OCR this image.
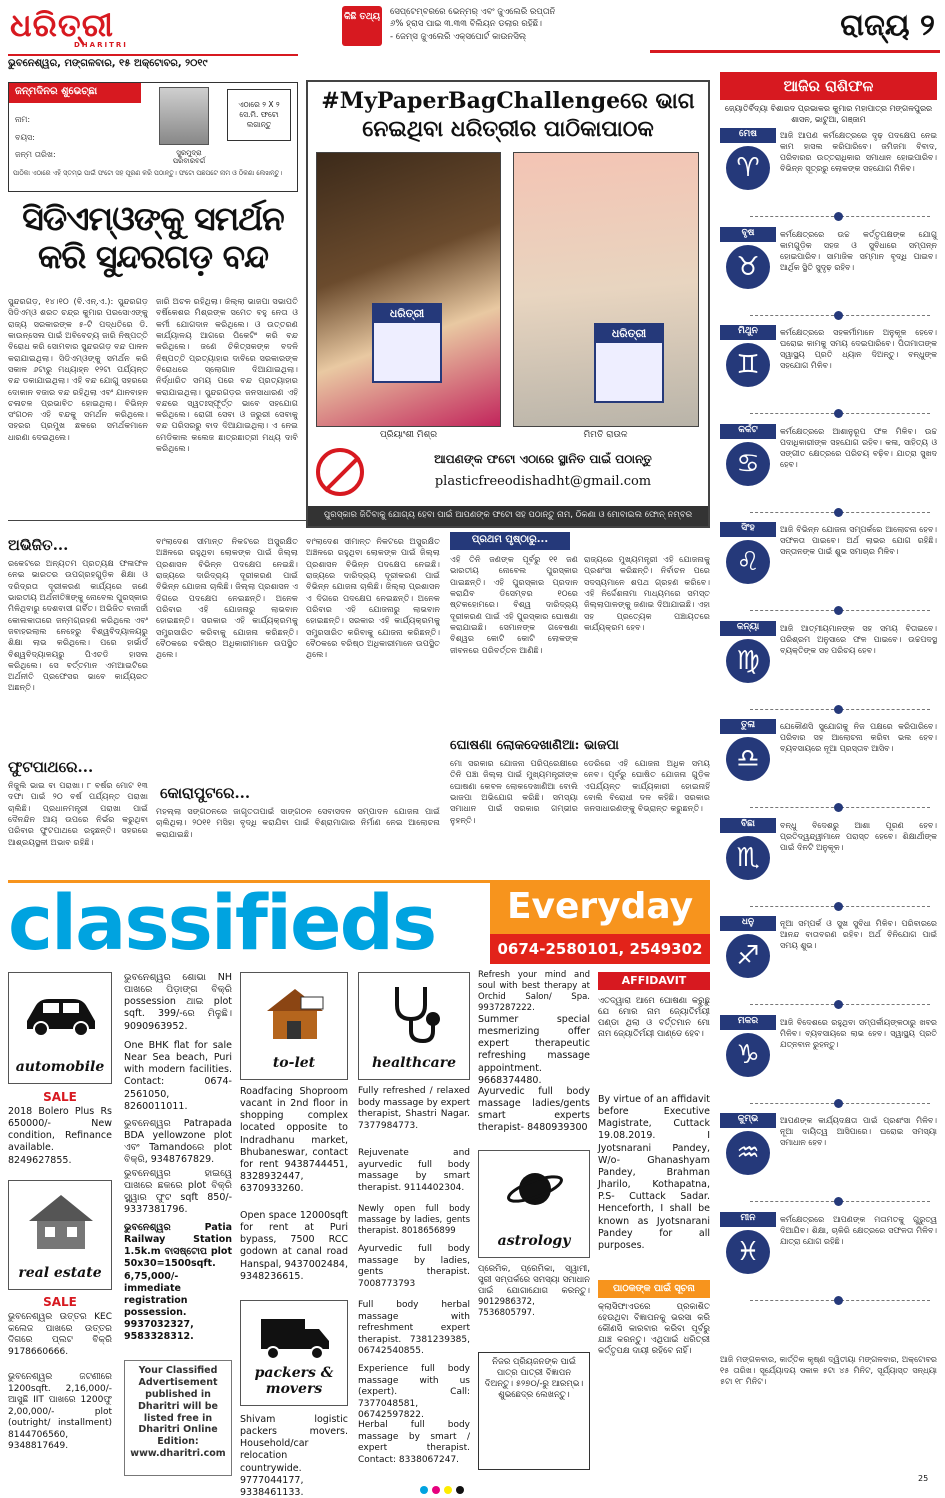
ଧରିତ୍ରୀ
DHARITRI
ଭୁବନେଶ୍ୱର, ମଙ୍ଗଳବାର, ୧୫ ଅକ୍ଟୋବର, ୨୦୧୯
କିଛି ତଥ୍ୟ ସେପ୍ଟେମ୍ବରରେ ଭେନ୍ମର୍ ଏବଂ ଜୁଏଲେରି ରପ୍ତାନି
୬% ହ୍ରାସ ପାଇ ୩.୩୩ ବିଲିୟନ ଡଲାର ରହିଛି।
- ଜେମ୍ସ ଜୁଏଲେରି ଏକ୍ସପୋର୍ଟ କାଉନସିଲ୍	ରାଜ୍ୟ ୨
ଜନ୍ମଦିନର ଶୁଭେଚ୍ଛା
ନାମ:
ବୟସ:
ଜନ୍ମ ତାରିଖ:	ସୁରମୁଦ୍ରା ପରିବାରବର୍ଗ
ଏଠାରେ ୨ X ୨ ସେ.ମି. ଫଟୋ ଲଗାନ୍ତୁ
ପାଠିକା ଏଠାରେ ଏହି ସ୍ତମ୍ଭ ପାଇଁ ଫଟୋ ସହ ପୂରଣ କରି ପଠାନ୍ତୁ। ଫଟୋ ପଛପଟେ ନାମ ଓ ଠିକଣା ଲେଖନ୍ତୁ।
ସିଡିଏମ୍‌ଓଙ୍କୁ ସମର୍ଥନ କରି ସୁନ୍ଦରଗଡ଼ ବନ୍ଦ
ସୁନ୍ଦରଗଡ଼, ୧୪।୧୦ (ବି.ଏନ୍.ଏ.): ସୁନ୍ଦରଗଡ଼ ସିଡିଏମ୍‌ଓ ଶରତ ଚନ୍ଦ୍ର କୁମାର ପରସୋଏଙ୍କୁ ରାଜ୍ୟ ସରକାରଙ୍କ ୫-ଟି ପଦ୍ଧତିରେ ଡି. କାଉନ୍ସେଲ ପାଇଁ ଅବିବେଚ୍ୟ ଜାରି ନିଷ୍ପତ୍ତି ବିରୋଧ କରି ସୋମବାର ସୁନ୍ଦରଗଡ଼ ବନ୍ଦ ପାଳନ କରାଯାଇଥିଲା। ସିଡିଏମ୍‌ଓଙ୍କୁ ସମର୍ଥନ କରି ସକାଳ ୬ଟାରୁ ମଧ୍ୟାହ୍ନ ୧୨ଟା ପର୍ଯ୍ୟନ୍ତ ବନ୍ଦ ଡକାଯାଇଥିଲା। ଏହି ବନ୍ଦ ଯୋଗୁ ସହରରେ ଦୋକାନ ବଜାର ବନ୍ଦ ରହିଥିଲା ଏବଂ ଯାନବାହନ ଚଳାଚଳ ପ୍ରଭାବିତ ହୋଇଥିଲା। ବିଭିନ୍ନ ସଂଗଠନ ଏହି ବନ୍ଦକୁ ସମର୍ଥନ କରିଥିଲେ। ସହରର ପ୍ରମୁଖ ଛକରେ ସମର୍ଥକମାନେ ଧାରଣା ଦେଇଥିଲେ।
ଜାରି ଅଚଳ ରହିଥିଲା। ଜିଲ୍ଲା ଭାଜପା ସଭାପତି ବର୍ଷିକେଶର ମିଶ୍ରଙ୍କ ସମେତ ବହୁ ନେତା ଓ କର୍ମୀ ଯୋଗଦାନ କରିଥିଲେ। ଓ ଉତ୍ତରଣ କାର୍ଯ୍ୟାଳୟ ଆଗରେ ପିକେଟିଂ କରି ବନ୍ଦ କରିଥିଲେ। ଜଣେ ଚିକିତ୍ସକଙ୍କ ବଦଳି ନିଷ୍ପତ୍ତି ପ୍ରତ୍ୟାହାର ଦାବିରେ ସରକାରଙ୍କ ବିରୋଧରେ ସ୍ଲୋଗାନ ଦିଆଯାଇଥିଲା। ନିର୍ଦ୍ଧାରିତ ସମୟ ପରେ ବନ୍ଦ ପ୍ରତ୍ୟାହାର କରାଯାଇଥିଲା। ସୁନ୍ଦରଗଡ଼ର ଜନସାଧାରଣ ଏହି ବନ୍ଦରେ ସ୍ୱତଃସ୍ଫୂର୍ତ୍ତ ଭାବେ ସହଯୋଗ କରିଥିଲେ। ରୋଗୀ ସେବା ଓ ଜରୁରୀ ସେବାକୁ ବନ୍ଦ ପରିସରରୁ ବାଦ ଦିଆଯାଇଥିଲା। ଏ ନେଇ ମେଡିକାଲ କଲେଜ ଛାତ୍ରଛାତ୍ରୀ ମଧ୍ୟ ଦାବି କରିଥିଲେ।
ଅଭିଜିତ...
ରକେଟରେ ଅନ୍ୟତମ ପ୍ରତ୍ୟକ୍ଷ ଫଳାଫଳ ନେଇ ଭାରତର ଉପଗ୍ରହଗୁଡ଼ିକ ଶିକ୍ଷା ଓ ଦରିଦ୍ରତା ଦୂରୀକରଣ କାର୍ଯ୍ୟରେ ଜଣେ ଭାରତୀୟ ଅର୍ଥନୀତିଜ୍ଞଙ୍କୁ ନୋବେଲ ପୁରସ୍କାର ମିଳିଥିବାରୁ ଦେଶବାସୀ ଗର୍ବିତ। ଅଭିଜିତ ବାନାର୍ଜୀ କୋଲକାତାରେ ଜନ୍ମଗ୍ରହଣ କରିଥିଲେ ଏବଂ ଜବାହରଲାଲ ନେହେରୁ ବିଶ୍ୱବିଦ୍ୟାଳୟରୁ ଶିକ୍ଷା ଲାଭ କରିଥିଲେ। ପରେ ହାର୍ଭାର୍ଡ ବିଶ୍ୱବିଦ୍ୟାଳୟରୁ ପିଏଚଡି ହାସଲ କରିଥିଲେ। ସେ ବର୍ତ୍ତମାନ ଏମଆଇଟିରେ ଅର୍ଥନୀତି ପ୍ରଫେସର ଭାବେ କାର୍ଯ୍ୟରତ ଅଛନ୍ତି।
ଫୁଟପାଥରେ...
ନିଜୁଲି ଭାଇ ବା ପରାଖା। ୮ ବର୍ଷର ମୋଟ ୧୩ ଦଫା ପାଇଁ ୨୦ ବର୍ଷ ପର୍ଯ୍ୟନ୍ତ ପରାଖା ଚାଲିଛି। ପ୍ରଧାନମନ୍ତ୍ରୀ ପରାଖା ପାଇଁ ଦୈନନ୍ଦିନ ଆୟ ଉପରେ ନିର୍ଭର କରୁଥିବା ପରିବାର ଫୁଟପାଥରେ ରହୁଛନ୍ତି। ସହରରେ ଆଶ୍ରୟସ୍ଥଳୀ ଅଭାବ ରହିଛି।
ବାଂଲାଦେଶ ସୀମାନ୍ତ ନିକଟରେ ଅସୁରକ୍ଷିତ ଅଞ୍ଚଳରେ ରହୁଥିବା ଲୋକଙ୍କ ପାଇଁ ଜିଲ୍ଲା ପ୍ରଶାସନ ବିଭିନ୍ନ ପଦକ୍ଷେପ ନେଇଛି। ରାଜ୍ୟରେ ଦାରିଦ୍ର୍ୟ ଦୂରୀକରଣ ପାଇଁ ବିଭିନ୍ନ ଯୋଜନା ଚାଲିଛି। ଜିଲ୍ଲା ପ୍ରଶାସନ ଏ ଦିଗରେ ପଦକ୍ଷେପ ନେଇଛନ୍ତି। ଅନେକ ପରିବାର ଏହି ଯୋଜନାରୁ ଲାଭବାନ ହୋଇଛନ୍ତି। ସରକାର ଏହି କାର୍ଯ୍ୟକ୍ରମକୁ ସମ୍ପ୍ରସାରିତ କରିବାକୁ ଯୋଜନା କରିଛନ୍ତି। ବୈଠକରେ ବରିଷ୍ଠ ଅଧିକାରୀମାନେ ଉପସ୍ଥିତ ଥିଲେ।
ବାଂଲାଦେଶ ସୀମାନ୍ତ ନିକଟରେ ଅସୁରକ୍ଷିତ ଅଞ୍ଚଳରେ ରହୁଥିବା ଲୋକଙ୍କ ପାଇଁ ଜିଲ୍ଲା ପ୍ରଶାସନ ବିଭିନ୍ନ ପଦକ୍ଷେପ ନେଇଛି। ରାଜ୍ୟରେ ଦାରିଦ୍ର୍ୟ ଦୂରୀକରଣ ପାଇଁ ବିଭିନ୍ନ ଯୋଜନା ଚାଲିଛି। ଜିଲ୍ଲା ପ୍ରଶାସନ ଏ ଦିଗରେ ପଦକ୍ଷେପ ନେଇଛନ୍ତି। ଅନେକ ପରିବାର ଏହି ଯୋଜନାରୁ ଲାଭବାନ ହୋଇଛନ୍ତି। ସରକାର ଏହି କାର୍ଯ୍ୟକ୍ରମକୁ ସମ୍ପ୍ରସାରିତ କରିବାକୁ ଯୋଜନା କରିଛନ୍ତି। ବୈଠକରେ ବରିଷ୍ଠ ଅଧିକାରୀମାନେ ଉପସ୍ଥିତ ଥିଲେ।
କୋରାପୁଟରେ...
ମହଲ୍ଲା ସଙ୍ଗଠନରେ ଜାଗୃତତାପାଇଁ ସାଙ୍ଗଠନ ସେବାସଦନ ସମ୍ପାଦନ ଯୋଜନା ପାଇଁ ଚାଲିଥିଲା। ୨୦୧୧ ମସିହା ବୃଦ୍ଧି କରାଯିବା ପାଇଁ ବିଶ୍ରାମାଗାର ନିର୍ମାଣ ନେଇ ଆଲୋଚନା କରାଯାଇଛି।
#MyPaperBagChallengeରେ ଭାଗ ନେଇଥିବା ଧରିତ୍ରୀର ପାଠିକାପାଠକ
ଧରିତ୍ରୀ
ଧରିତ୍ରୀ
ପ୍ରିୟାଂଶୀ ମିଶ୍ର	ମିମତି ରାଉଳ
ଆପଣଙ୍କ ଫଟୋ ଏଠାରେ ସ୍ଥାନିତ ପାଇଁ ପଠାନ୍ତୁ
plasticfreeodishadht@gmail.com
ପୁରସ୍କାର ଜିତିବାକୁ ଯୋଗ୍ୟ ହେବା ପାଇଁ ଆପଣଙ୍କ ଫଟୋ ସହ ପଠାନ୍ତୁ ନାମ, ଠିକଣା ଓ ମୋବାଇଲ ଫୋନ୍ ନମ୍ବର
ପ୍ରଥମ ପୃଷ୍ଠାରୁ...
ଏହି ତିନି ଜଣଙ୍କ ପୂର୍ବରୁ ୧୧ ଜଣ ଭାରତୀୟ ନୋବେଲ ପୁରସ୍କାର ପାଇଛନ୍ତି। ଏହି ପୁରସ୍କାର ପ୍ରଦାନ କରାଯିବ ଡିସେମ୍ବର ୧୦ରେ ଷ୍ଟକହୋମରେ। ବିଶ୍ୱ ଦାରିଦ୍ର୍ୟ ଦୂରୀକରଣ ପାଇଁ ଏହି ପୁରସ୍କାର ଘୋଷଣା କରାଯାଇଛି। ସେମାନଙ୍କ ଗବେଷଣା ବିଶ୍ୱର କୋଟି କୋଟି ଲୋକଙ୍କ ଜୀବନରେ ପରିବର୍ତ୍ତନ ଆଣିଛି।
ରାଜ୍ୟରେ ମୁଖ୍ୟମନ୍ତ୍ରୀ ଏହି ଯୋଜନାକୁ ପ୍ରଶଂସା କରିଛନ୍ତି। ନିର୍ବାଚନ ପରେ ସଦସ୍ୟମାନେ ଶପଥ ଗ୍ରହଣ କରିବେ। ଏହି ନିର୍ଦ୍ଦେଶନାମା ମାଧ୍ୟମରେ ସମସ୍ତ ଜିଲ୍ଲାପାଳଙ୍କୁ ଜଣାଇ ଦିଆଯାଇଛି। ଏହା ସହ ପ୍ରତ୍ୟେକ ପଞ୍ଚାୟତରେ କାର୍ଯ୍ୟକ୍ରମ ହେବ।
ଘୋଷଣା ଲୋକଦେଖାଣିଆ: ଭାଜପା
ମୋ ସରକାର ଯୋଜନା ପରିପ୍ରେକ୍ଷୀରେ ତିନି ପଞ୍ଚା ଜିଲ୍ଲା ପାଇଁ ମୁଖ୍ୟମନ୍ତ୍ରୀଙ୍କ ଘୋଷଣା କେବଳ ଲୋକଦେଖାଣିଆ ବୋଲି ଭାଜପା ଅଭିଯୋଗ କରିଛି। ସମସ୍ୟା ସମାଧାନ ପାଇଁ ସରକାର ଗମ୍ଭୀର ନୁହନ୍ତି।
ଡେରିରେ ଏହି ଯୋଜନା ଅଧିକ ସମୟ ନେବ। ପୂର୍ବରୁ ଘୋଷିତ ଯୋଜନା ଗୁଡ଼ିକ ଏପର୍ଯ୍ୟନ୍ତ କାର୍ଯ୍ୟକାରୀ ହୋଇନାହିଁ ବୋଲି ବିରୋଧୀ ଦଳ କହିଛି। ସରକାର ଜନସାଧାରଣଙ୍କୁ ବିଭ୍ରାନ୍ତ କରୁଛନ୍ତି।
ଆଜିର ରାଶିଫଳ
ଜ୍ୟୋତିର୍ବିଦ୍ୟା ବିଶାରଦ ପ୍ରଭାକର କୁମାର ମହାପାତ୍ର ମଙ୍ଗଳପୁରର ଶାସନ, ଭାଟୁଆ, ଗଞ୍ଜାମ
ମେଷ
♈
ଆଜି ଆପଣ କର୍ମକ୍ଷେତ୍ରରେ ଦୃଢ଼ ପଦକ୍ଷେପ ନେଇ କାମ ହାସଲ କରିପାରିବେ। ଜମିଜମା ବିବାଦ, ପରିବାରର ଉତ୍ତରାଧିକାର ସମାଧାନ ହୋଇପାରିବ। ବିଭିନ୍ନ ସୂତ୍ରରୁ ଲୋକଙ୍କ ସହଯୋଗ ମିଳିବ।
ବୃଷ
♉
କର୍ମକ୍ଷେତ୍ରରେ ଉଚ୍ଚ କର୍ତ୍ତୃପକ୍ଷଙ୍କ ଯୋଗୁ କାମଗୁଡ଼ିକ ସହଜ ଓ ସୁବିଧାରେ ସମ୍ପନ୍ନ ହୋଇପାରିବ। ସାମାଜିକ ସମ୍ମାନ ବୃଦ୍ଧି ପାଇବ। ଆର୍ଥିକ ସ୍ଥିତି ସୁଦୃଢ଼ ରହିବ।
ମିଥୁନ
♊
କର୍ମକ୍ଷେତ୍ରରେ ସହକର୍ମୀମାନେ ଅନୁକୂଳ ହେବେ। ଘରୋଇ କାମକୁ ସମୟ ଦେଇପାରିବେ। ପିତାମାତାଙ୍କ ସ୍ୱାସ୍ଥ୍ୟ ପ୍ରତି ଧ୍ୟାନ ଦିଅନ୍ତୁ। ବନ୍ଧୁଙ୍କ ସହଯୋଗ ମିଳିବ।
କର୍କଟ
♋
କର୍ମକ୍ଷେତ୍ରରେ ଆଶାନୁରୂପ ଫଳ ମିଳିବ। ଉଚ୍ଚ ପଦାଧିକାରୀଙ୍କ ସହଯୋଗ ରହିବ। କଳା, ସାହିତ୍ୟ ଓ ସଙ୍ଗୀତ କ୍ଷେତ୍ରରେ ପରିଚୟ ବଢ଼ିବ। ଯାତ୍ରା ସୁଖଦ ହେବ।
ସିଂହ
♌
ଆଜି ବିଭିନ୍ନ ଯୋଜନା ସମ୍ପର୍କରେ ଆଲୋଚନା ହେବ। ସଫଳତା ପାଇବେ। ଅର୍ଥ ଲାଭର ଯୋଗ ରହିଛି। ସନ୍ତାନଙ୍କ ପାଇଁ ଶୁଭ ସମାଚାର ମିଳିବ।
କନ୍ୟା
♍
ଆଜି ଆତ୍ମୀୟମାନଙ୍କ ସହ ସମୟ ବିତାଇବେ। ପରିଶ୍ରମ ଅନୁସାରେ ଫଳ ପାଇବେ। ଉଚ୍ଚପଦସ୍ଥ ବ୍ୟକ୍ତିଙ୍କ ସହ ପରିଚୟ ହେବ।
ତୁଳା
♎
ଯେକୌଣସି ସୁଯୋଗକୁ ନିଜ ପକ୍ଷରେ କରିପାରିବେ। ପରିବାର ସହ ଆଲୋଚନା କରିବା ଭଲ ହେବ। ବ୍ୟବସାୟରେ ନୂଆ ପ୍ରସ୍ତାବ ଆସିବ।
ବିଛା
♏
ବନ୍ଧୁ ବିଦେଶରୁ ଆଶା ପୂରଣ ହେବ। ପ୍ରତିଦ୍ୱନ୍ଦ୍ୱୀମାନେ ପରାସ୍ତ ହେବେ। ଶିକ୍ଷାର୍ଥୀଙ୍କ ପାଇଁ ଦିନଟି ଅନୁକୂଳ।
ଧନୁ
♐
ନୂଆ ସମ୍ପର୍କ ଓ ସୁଖ ସୁବିଧା ମିଳିବ। ପରିବାରରେ ଆନନ୍ଦ ବାତାବରଣ ରହିବ। ଅର୍ଥ ବିନିଯୋଗ ପାଇଁ ସମୟ ଶୁଭ।
ମକର
♑
ଆଜି ବିଦେଶରେ ରହୁଥିବା ସମ୍ପର୍କୀୟଙ୍କଠାରୁ ଖବର ମିଳିବ। ବ୍ୟବସାୟରେ ଲାଭ ହେବ। ସ୍ୱାସ୍ଥ୍ୟ ପ୍ରତି ଯତ୍ନବାନ ରୁହନ୍ତୁ।
କୁମ୍ଭ
♒
ଆପଣଙ୍କ କାର୍ଯ୍ୟଦକ୍ଷତା ପାଇଁ ପ୍ରଶଂସା ମିଳିବ। ନୂଆ ଦାୟିତ୍ୱ ଆସିପାରେ। ଘରୋଇ ସମସ୍ୟା ସମାଧାନ ହେବ।
ମୀନ
♓
କର୍ମକ୍ଷେତ୍ରରେ ଆପଣଙ୍କ ମତାମତକୁ ଗୁରୁତ୍ୱ ଦିଆଯିବ। ଶିକ୍ଷା, ଚାକିରି କ୍ଷେତ୍ରରେ ସଫଳତା ମିଳିବ। ଯାତ୍ରା ଯୋଗ ରହିଛି।
ଆଜି ମଙ୍ଗଳବାର, କାର୍ତ୍ତିକ କୃଷ୍ଣ ଦ୍ୱିତୀୟା ମଙ୍ଗଳବାର, ଅକ୍ଟୋବର ୧୫ ତାରିଖ। ସୂର୍ଯ୍ୟୋଦୟ ସକାଳ ୫ଟା ୪୫ ମିନିଟ, ସୂର୍ଯ୍ୟାସ୍ତ ସନ୍ଧ୍ୟା ୫ଟା ୧୮ ମିନିଟ।
classifieds	Everyday
0674-2580101, 2549302
automobile
SALE
2018 Bolero Plus Rs 650000/- New condition, Refinance available. 8249627855.
real estate
SALE
ଭୁବନେଶ୍ୱର ଉତ୍ତର KEC କଲେଜ ପାଖରେ ଉତ୍ତର ଦିଗରେ ପ୍ଲଟ ବିକ୍ରି 9178660666.
ଭୁବନେଶ୍ୱର ଜଟଣୀରେ 1200sqft. 2,16,000/- ଆସୁଛି IIT ପାଖରେ 1200ଫୁ 2,00,000/- plot (outright/ installment) 8144706560, 9348817649.
ଭୁବନେଶ୍ୱର ଶୋଭା NH ପାଖରେ ପିଡ଼ାଙ୍ଗ ବିକ୍ରି possession ଥାଇ plot sqft. 399/-ରେ ମିଳୁଛି। 9090963952.
One BHK flat for sale Near Sea beach, Puri with modern facilities. Contact: 0674-2561050, 8260011011.
ଭୁବନେଶ୍ୱର Patrapada BDA yellowzone plot ଏବଂ Tamandoରେ plot ବିକ୍ରି, 9348767829.
ଭୁବନେଶ୍ୱର ହାଇୱେ ପାଖରେ ଛକରେ plot ବିକ୍ରି ସ୍କ୍ୱାର ଫୁଟ sqft 850/- 9337381796.
ଭୁବନେଶ୍ୱର Patia Railway Station 1.5k.m ବାସଷ୍ଟୋପ plot 50x30=1500sqft. 6,75,000/- immediate registration possession. 9937032327, 9583328312.
Your Classified Advertisement published in Dharitri will be listed free in Dharitri Online Edition: www.dharitri.com
to-let
Roadfacing Shoproom vacant in 2nd floor in shopping complex located opposite to Indradhanu market, Bhubaneswar, contact for rent 9438744451, 8328932447, 6370933260.
Open space 12000sqft for rent at Puri bypass, 7500 RCC godown at canal road Hanspal, 9437002484, 9348236615.
packers & movers
Shivam logistic packers movers. Household/car relocation countrywide. 9777044177, 9338461133.
healthcare
Fully refreshed / relaxed body massage by expert therapist, Shastri Nagar. 7377984773.
Rejuvenate and ayurvedic full body massage by smart therapist. 9114402304.
Newly open full body massage by ladies, gents therapist. 8018656899
Ayurvedic full body massage by ladies, gents therapist. 7008773793
Full body herbal massage with refreshment expert therapist. 7381239385, 06742540855.
Experience full body massage with us (expert). Call: 7377048581, 06742597822.
Herbal full body massage by smart / expert therapist. Contact: 8338067247.
Refresh your mind and soul with best therapy at Orchid Salon/ Spa. 9937287222.
Summer special mesmerizing offer expert therapeutic refreshing massage appointment. 9668374480.
Ayurvedic full body massage ladies/gents smart experts therapist- 8480939300
astrology
ପ୍ରେମିକ, ପ୍ରେମିକା, ସ୍ୱାମୀ, ସ୍ତ୍ରୀ ସମ୍ପର୍କରେ ସମସ୍ୟା ସମାଧାନ ପାଇଁ ଯୋଗାଯୋଗ କରନ୍ତୁ। 9012986372, 7536805797.
ନିଜର ପ୍ରିୟଜନଙ୍କ ପାଇଁ ପାତ୍ର ପାତ୍ରୀ ବିଜ୍ଞାପନ ଦିଅନ୍ତୁ। ୫୨୭୦/-ରୁ ଆରମ୍ଭ। ଶୁଭଛେଦ୍ର ଲେଖନ୍ତୁ।
AFFIDAVIT
ଏତଦ୍ୱାରା ଆମେ ଘୋଷଣା କରୁଛୁ ଯେ ମୋର ନାମ ଜ୍ୟୋତିର୍ମୟୀ ପଣ୍ଡା ଥିଲା ଓ ବର୍ତ୍ତମାନ ମୋ ନାମ ଜ୍ୟୋତିର୍ମୟୀ ପାଣ୍ଡେ ହେବ।
By virtue of an affidavit before Executive Magistrate, Cuttack 19.08.2019. I Jyotsnarani Pandey, W/o- Ghanashyam Pandey, Brahman Jharilo, Kothapatna, P.S- Cuttack Sadar. Henceforth, I shall be known as Jyotsnarani Pandey for all purposes.
ପାଠକଙ୍କ ପାଇଁ ସୂଚନା
କ୍ଲାସିଫାଏଡରେ ପ୍ରକାଶିତ ହେଉଥିବା ବିଜ୍ଞାପନକୁ ଭରସା କରି କୌଣସି କାରବାର କରିବା ପୂର୍ବରୁ ଯାଞ୍ଚ କରନ୍ତୁ। ଏଥିପାଇଁ ଧରିତ୍ରୀ କର୍ତ୍ତୃପକ୍ଷ ଦାୟୀ ରହିବେ ନାହିଁ।
25
